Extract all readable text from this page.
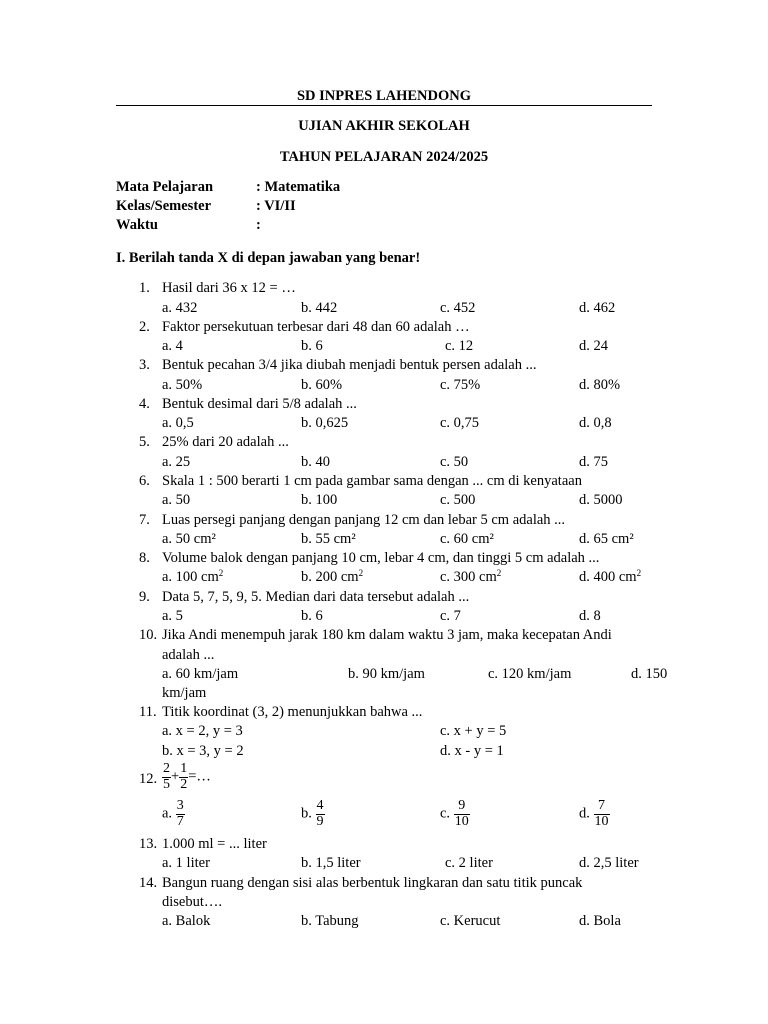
SD INPRES LAHENDONG
UJIAN AKHIR SEKOLAH
TAHUN PELAJARAN 2024/2025
Mata Pelajaran	: Matematika
Kelas/Semester	: VI/II
Waktu	:
I. Berilah tanda X di depan jawaban yang benar!
1. Hasil dari 36 x 12 = …
a. 432	b. 442	c. 452	d. 462
2. Faktor persekutuan terbesar dari 48 dan 60 adalah …
a. 4	b. 6	c. 12	d. 24
3. Bentuk pecahan 3/4 jika diubah menjadi bentuk persen adalah ...
a. 50%	b. 60%	c. 75%	d. 80%
4. Bentuk desimal dari 5/8 adalah ...
a. 0,5	b. 0,625	c. 0,75	d. 0,8
5. 25% dari 20 adalah ...
a. 25	b. 40	c. 50	d. 75
6. Skala 1 : 500 berarti 1 cm pada gambar sama dengan ... cm di kenyataan
a. 50	b. 100	c. 500	d. 5000
7. Luas persegi panjang dengan panjang 12 cm dan lebar 5 cm adalah ...
a. 50 cm²	b. 55 cm²	c. 60 cm²	d. 65 cm²
8. Volume balok dengan panjang 10 cm, lebar 4 cm, dan tinggi 5 cm adalah ...
a. 100 $cm^2$	b. 200 $cm^2$	c. 300 $cm^2$	d. 400 $cm^2$
9. Data 5, 7, 5, 9, 5. Median dari data tersebut adalah ...
a. 5	b. 6	c. 7	d. 8
10. Jika Andi menempuh jarak 180 km dalam waktu 3 jam, maka kecepatan Andi
adalah ...
a. 60 km/jam	b. 90 km/jam	c. 120 km/jam	d. 150
km/jam
11. Titik koordinat (3, 2) menunjukkan bahwa ...
a. x = 2, y = 3	c. x + y = 5
b. x = 3, y = 2	d. x - y = 1
12. $\frac{2}{5} + \frac{1}{2}$ =…
a. $\frac{3}{7}$	b. $\frac{4}{9}$	c. $\frac{9}{10}$	d. $\frac{7}{10}$
13. 1.000 ml = ... liter
a. 1 liter	b. 1,5 liter	c. 2 liter	d. 2,5 liter
14. Bangun ruang dengan sisi alas berbentuk lingkaran dan satu titik puncak
disebut….
a. Balok	b. Tabung	c. Kerucut	d. Bola
